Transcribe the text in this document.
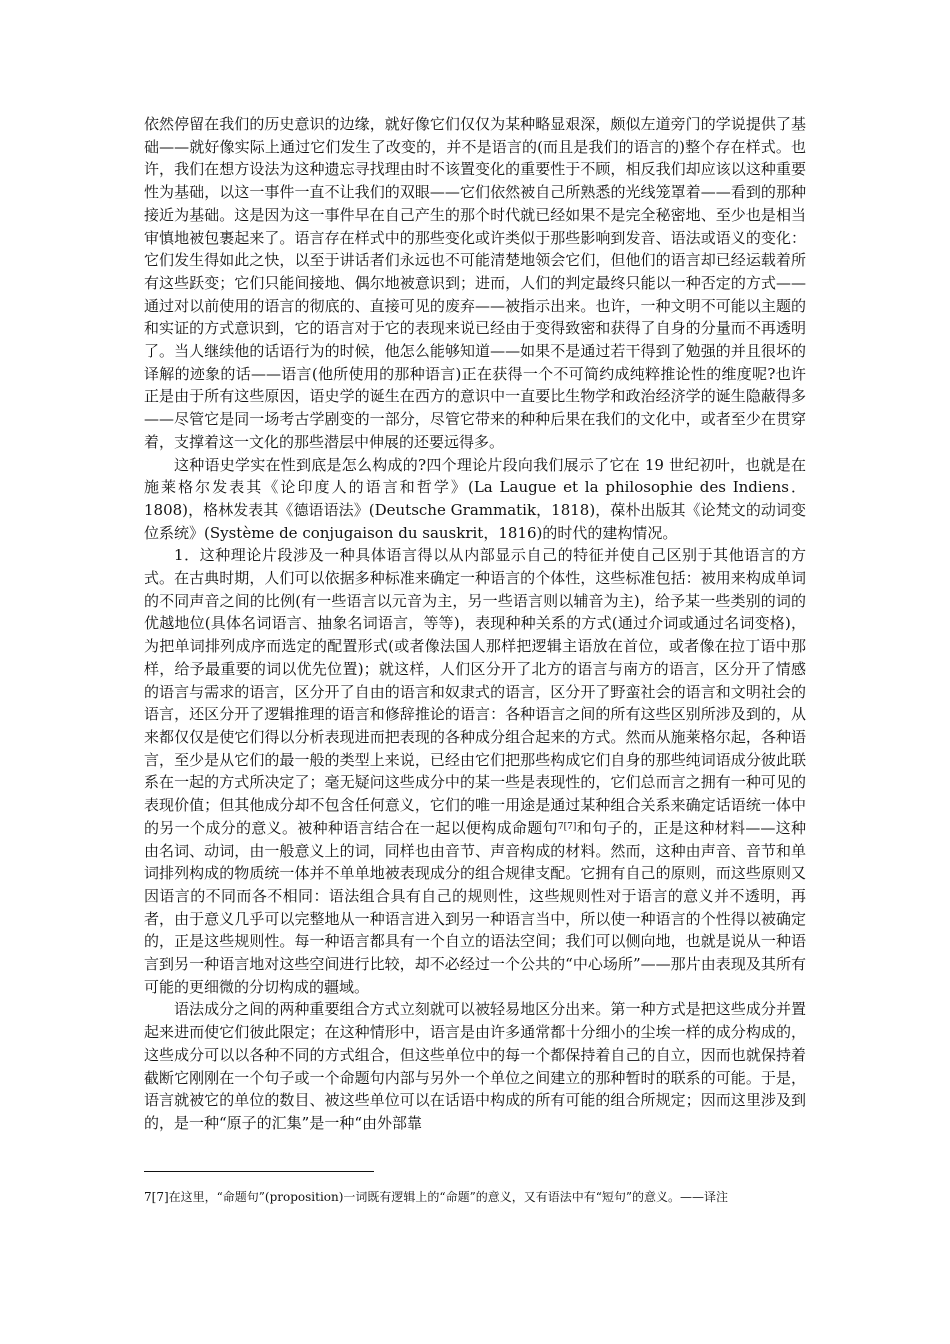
依然停留在我们的历史意识的边缘，就好像它们仅仅为某种略显艰深，颇似左道旁门的学说提供了基础——就好像实际上通过它们发生了改变的，并不是语言的(而且是我们的语言的)整个存在样式。也许，我们在想方设法为这种遗忘寻找理由时不该置变化的重要性于不顾，相反我们却应该以这种重要性为基础，以这一事件一直不让我们的双眼——它们依然被自己所熟悉的光线笼罩着——看到的那种接近为基础。这是因为这一事件早在自己产生的那个时代就已经如果不是完全秘密地、至少也是相当审慎地被包裹起来了。语言存在样式中的那些变化或许类似于那些影响到发音、语法或语义的变化：它们发生得如此之快，以至于讲话者们永远也不可能清楚地领会它们，但他们的语言却已经运载着所有这些跃变；它们只能间接地、偶尔地被意识到；进而，人们的判定最终只能以一种否定的方式——通过对以前使用的语言的彻底的、直接可见的废弃——被指示出来。也许，一种文明不可能以主题的和实证的方式意识到，它的语言对于它的表现来说已经由于变得致密和获得了自身的分量而不再透明了。当人继续他的话语行为的时候，他怎么能够知道——如果不是通过若干得到了勉强的并且很坏的译解的迹象的话——语言(他所使用的那种语言)正在获得一个不可简约成纯粹推论性的维度呢?也许正是由于所有这些原因，语史学的诞生在西方的意识中一直要比生物学和政治经济学的诞生隐蔽得多——尽管它是同一场考古学剧变的一部分，尽管它带来的种种后果在我们的文化中，或者至少在贯穿着，支撑着这一文化的那些潜层中伸展的还要远得多。

这种语史学实在性到底是怎么构成的?四个理论片段向我们展示了它在 19 世纪初叶，也就是在施莱格尔发表其《论印度人的语言和哲学》(La Laugue et la philosophie des Indiens．1808)，格林发表其《德语语法》(Deutsche Grammatik，1818)，葆朴出版其《论梵文的动词变位系统》(Système de conjugaison du sauskrit，1816)的时代的建构情况。

1．这种理论片段涉及一种具体语言得以从内部显示自己的特征并使自己区别于其他语言的方式。在古典时期，人们可以依据多种标准来确定一种语言的个体性，这些标准包括：被用来构成单词的不同声音之间的比例(有一些语言以元音为主，另一些语言则以辅音为主)，给予某一些类别的词的优越地位(具体名词语言、抽象名词语言，等等)，表现种种关系的方式(通过介词或通过名词变格)，为把单词排列成序而选定的配置形式(或者像法国人那样把逻辑主语放在首位，或者像在拉丁语中那样，给予最重要的词以优先位置)；就这样，人们区分开了北方的语言与南方的语言，区分开了情感的语言与需求的语言，区分开了自由的语言和奴隶式的语言，区分开了野蛮社会的语言和文明社会的语言，还区分开了逻辑推理的语言和修辞推论的语言：各种语言之间的所有这些区别所涉及到的，从来都仅仅是使它们得以分析表现进而把表现的各种成分组合起来的方式。然而从施莱格尔起，各种语言，至少是从它们的最一般的类型上来说，已经由它们把那些构成它们自身的那些纯词语成分彼此联系在一起的方式所决定了；毫无疑问这些成分中的某一些是表现性的，它们总而言之拥有一种可见的表现价值；但其他成分却不包含任何意义，它们的唯一用途是通过某种组合关系来确定话语统一体中的另一个成分的意义。被种种语言结合在一起以便构成命题句$^{7[7]}$和句子的，正是这种材料——这种由名词、动词，由一般意义上的词，同样也由音节、声音构成的材料。然而，这种由声音、音节和单词排列构成的物质统一体并不单单地被表现成分的组合规律支配。它拥有自己的原则，而这些原则又因语言的不同而各不相同：语法组合具有自己的规则性，这些规则性对于语言的意义并不透明，再者，由于意义几乎可以完整地从一种语言进入到另一种语言当中，所以使一种语言的个性得以被确定的，正是这些规则性。每一种语言都具有一个自立的语法空间；我们可以侧向地，也就是说从一种语言到另一种语言地对这些空间进行比较，却不必经过一个公共的“中心场所”——那片由表现及其所有可能的更细微的分切构成的疆域。

语法成分之间的两种重要组合方式立刻就可以被轻易地区分出来。第一种方式是把这些成分并置起来进而使它们彼此限定；在这种情形中，语言是由许多通常都十分细小的尘埃一样的成分构成的，这些成分可以以各种不同的方式组合，但这些单位中的每一个都保持着自己的自立，因而也就保持着截断它刚刚在一个句子或一个命题句内部与另外一个单位之间建立的那种暂时的联系的可能。于是，语言就被它的单位的数目、被这些单位可以在话语中构成的所有可能的组合所规定；因而这里涉及到的，是一种“原子的汇集”是一种“由外部靠

7[7]在这里，“命题句”(proposition)一词既有逻辑上的“命题”的意义，又有语法中有“短句”的意义。——译注
